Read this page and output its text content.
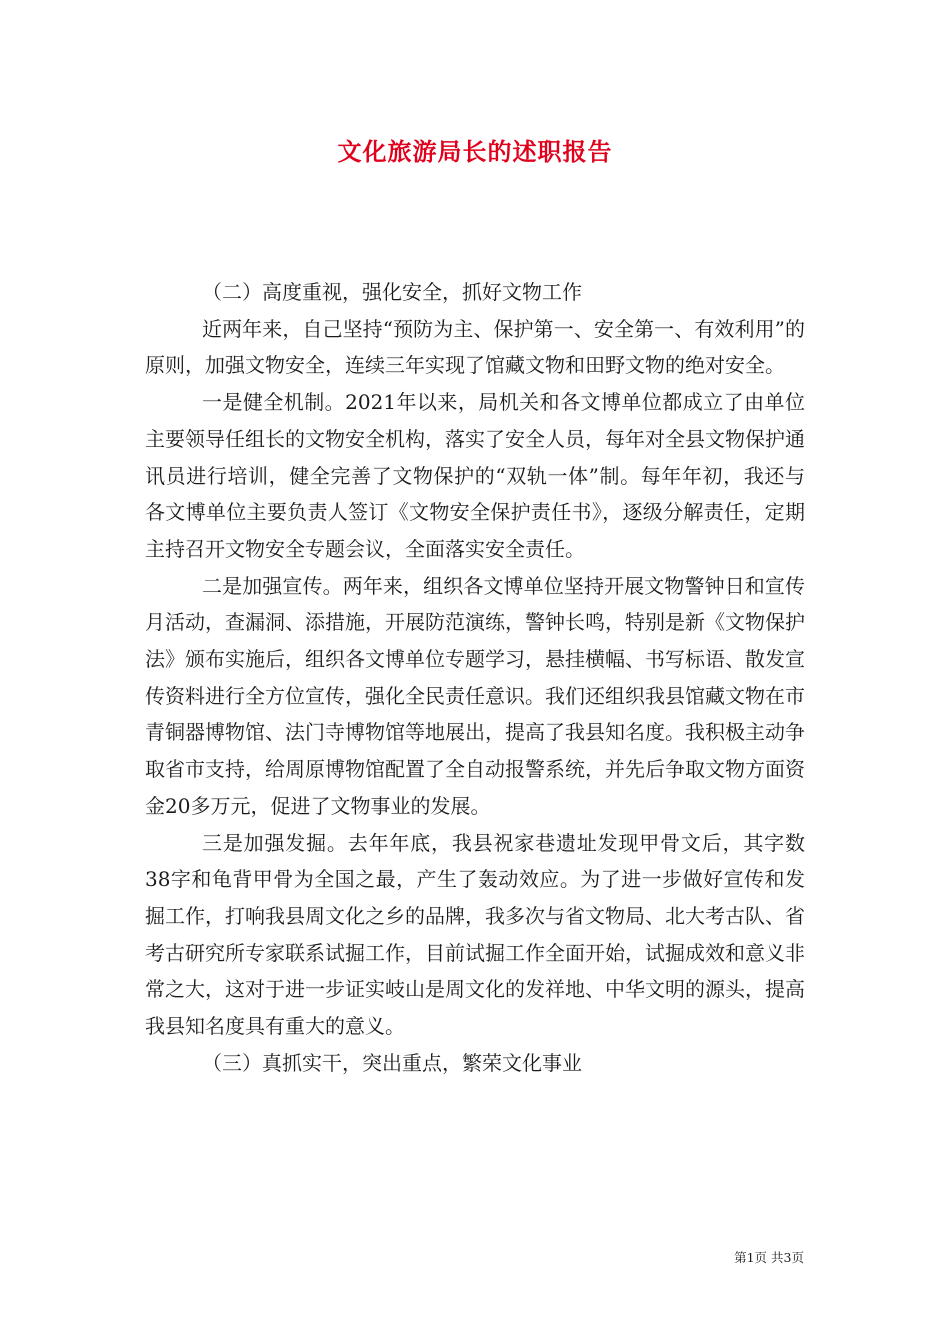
文化旅游局长的述职报告

（二）高度重视，强化安全，抓好文物工作

近两年来，自己坚持“预防为主、保护第一、安全第一、有效利用”的原则，加强文物安全，连续三年实现了馆藏文物和田野文物的绝对安全。

一是健全机制。2021年以来，局机关和各文博单位都成立了由单位主要领导任组长的文物安全机构，落实了安全人员，每年对全县文物保护通讯员进行培训，健全完善了文物保护的“双轨一体”制。每年年初，我还与各文博单位主要负责人签订《文物安全保护责任书》，逐级分解责任，定期主持召开文物安全专题会议，全面落实安全责任。

二是加强宣传。两年来，组织各文博单位坚持开展文物警钟日和宣传月活动，查漏洞、添措施，开展防范演练，警钟长鸣，特别是新《文物保护法》颁布实施后，组织各文博单位专题学习，悬挂横幅、书写标语、散发宣传资料进行全方位宣传，强化全民责任意识。我们还组织我县馆藏文物在市青铜器博物馆、法门寺博物馆等地展出，提高了我县知名度。我积极主动争取省市支持，给周原博物馆配置了全自动报警系统，并先后争取文物方面资金20多万元，促进了文物事业的发展。

三是加强发掘。去年年底，我县祝家巷遗址发现甲骨文后，其字数38字和龟背甲骨为全国之最，产生了轰动效应。为了进一步做好宣传和发掘工作，打响我县周文化之乡的品牌，我多次与省文物局、北大考古队、省考古研究所专家联系试掘工作，目前试掘工作全面开始，试掘成效和意义非常之大，这对于进一步证实岐山是周文化的发祥地、中华文明的源头，提高我县知名度具有重大的意义。

（三）真抓实干，突出重点，繁荣文化事业

第1页 共3页
